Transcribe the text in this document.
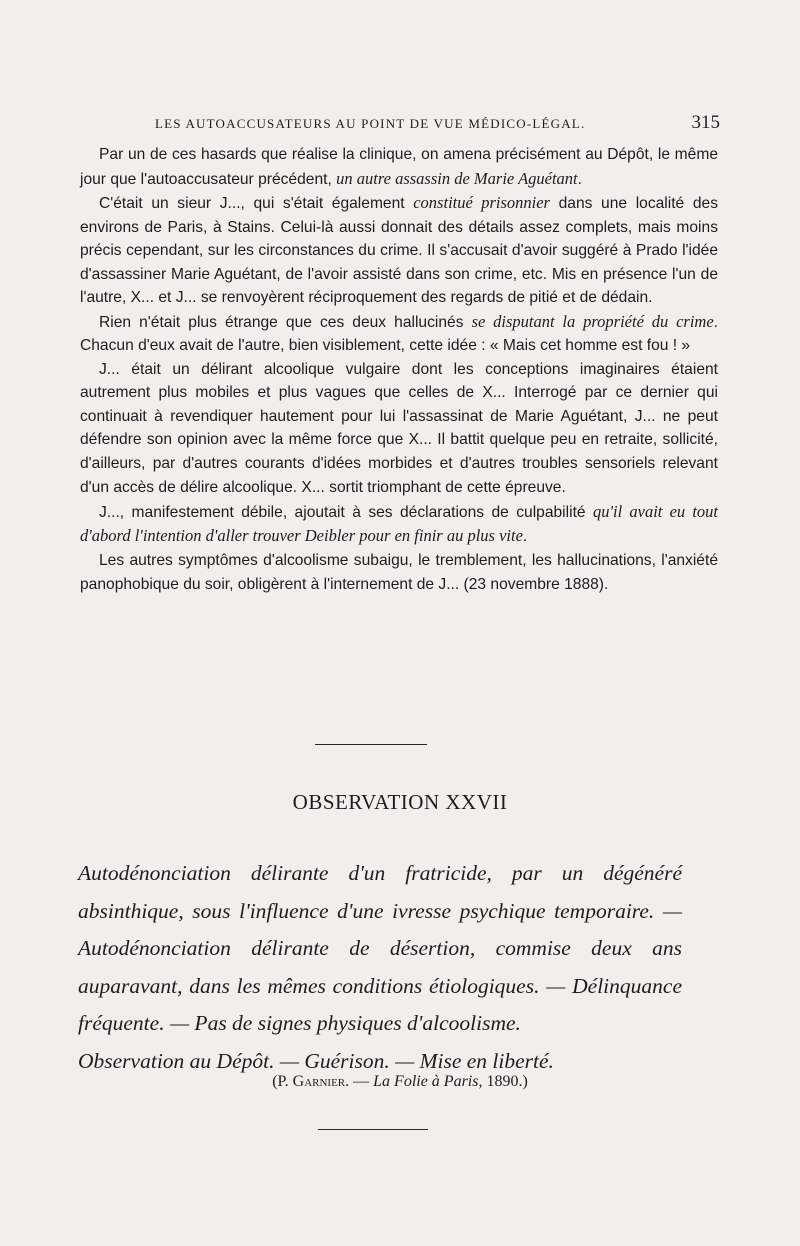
LES AUTOACCUSATEURS AU POINT DE VUE MÉDICO-LÉGAL.	315

Par un de ces hasards que réalise la clinique, on amena précisément au Dépôt, le même jour que l'autoaccusateur précédent, un autre assassin de Marie Aguétant.

C'était un sieur J..., qui s'était également constitué prisonnier dans une localité des environs de Paris, à Stains. Celui-là aussi donnait des détails assez complets, mais moins précis cependant, sur les circonstances du crime. Il s'accusait d'avoir suggéré à Prado l'idée d'assassiner Marie Aguétant, de l'avoir assisté dans son crime, etc. Mis en présence l'un de l'autre, X... et J... se renvoyèrent réciproquement des regards de pitié et de dédain.

Rien n'était plus étrange que ces deux hallucinés se disputant la propriété du crime. Chacun d'eux avait de l'autre, bien visiblement, cette idée : « Mais cet homme est fou ! »

J... était un délirant alcoolique vulgaire dont les conceptions imaginaires étaient autrement plus mobiles et plus vagues que celles de X... Interrogé par ce dernier qui continuait à revendiquer hautement pour lui l'assassinat de Marie Aguétant, J... ne peut défendre son opinion avec la même force que X... Il battit quelque peu en retraite, sollicité, d'ailleurs, par d'autres courants d'idées morbides et d'autres troubles sensoriels relevant d'un accès de délire alcoolique. X... sortit triomphant de cette épreuve.

J..., manifestement débile, ajoutait à ses déclarations de culpabilité qu'il avait eu tout d'abord l'intention d'aller trouver Deibler pour en finir au plus vite.

Les autres symptômes d'alcoolisme subaigu, le tremblement, les hallucinations, l'anxiété panophobique du soir, obligèrent à l'internement de J... (23 novembre 1888).

OBSERVATION XXVII

Autodénonciation délirante d'un fratricide, par un dégénéré absinthique, sous l'influence d'une ivresse psychique temporaire. — Autodénonciation délirante de désertion, commise deux ans auparavant, dans les mêmes conditions étiologiques. — Délinquance fréquente. — Pas de signes physiques d'alcoolisme.

Observation au Dépôt. — Guérison. — Mise en liberté.

(P. Garnier. — La Folie à Paris, 1890.)
